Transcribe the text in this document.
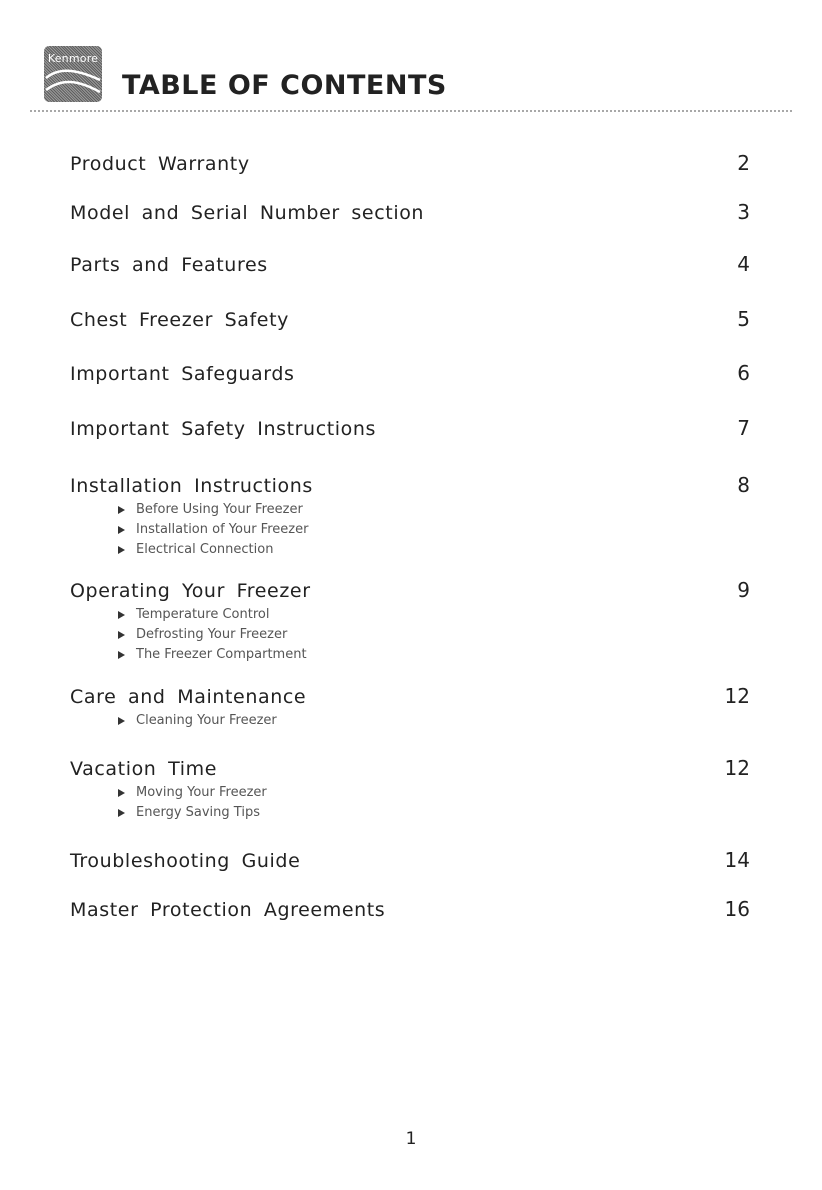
Kenmore
TABLE OF CONTENTS
Product Warranty	2
Model and Serial Number section	3
Parts and Features	4
Chest Freezer Safety	5
Important Safeguards	6
Important Safety Instructions	7
Installation Instructions	8
Before Using Your Freezer
Installation of Your Freezer
Electrical Connection
Operating Your Freezer	9
Temperature Control
Defrosting Your Freezer
The Freezer Compartment
Care and Maintenance	12
Cleaning Your Freezer
Vacation Time	12
Moving Your Freezer
Energy Saving Tips
Troubleshooting Guide	14
Master Protection Agreements	16
1
